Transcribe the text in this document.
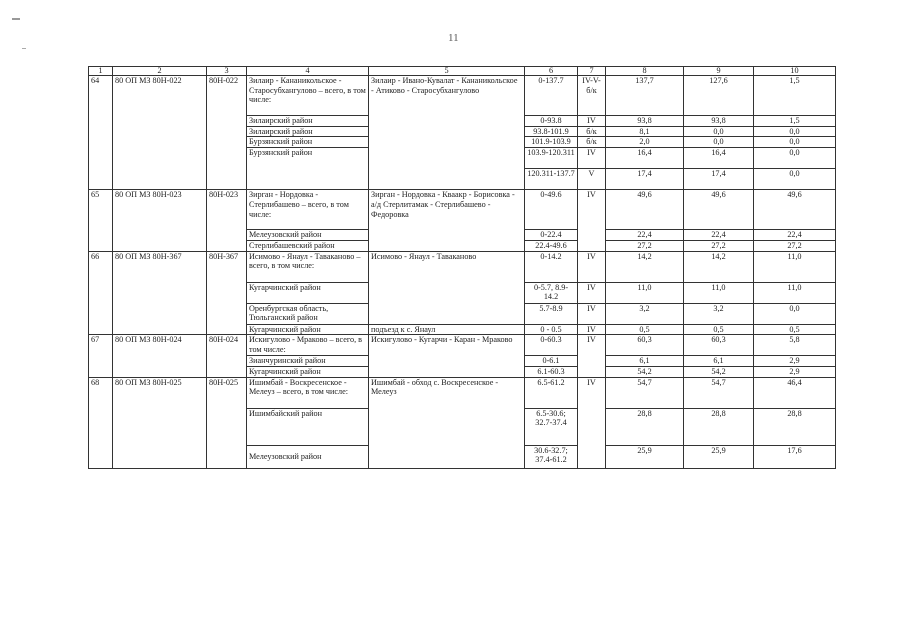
11
1	2	3	4	5	6	7	8	9	10
64	80 ОП МЗ 80Н-022	80Н-022	Зилаир - Кананикольское - Старосубхангулово – всего, в том числе:	Зилаир - Ивано-Кувалат - Кананикольское - Атиково - Старосубхангулово	0-137.7	IV-V-б/к	137,7	127,6	1,5
			Зилаирский район		0-93.8	IV	93,8	93,8	1,5
			Зилаирский район		93.8-101.9	б/к	8,1	0,0	0,0
			Бурзянский район		101.9-103.9	б/к	2,0	0,0	0,0
			Бурзянский район		103.9-120.311	IV	16,4	16,4	0,0
					120.311-137.7	V	17,4	17,4	0,0
65	80 ОП МЗ 80Н-023	80Н-023	Зирган - Нордовка - Стерлибашево – всего, в том числе:	Зирган - Нордовка - Кваакр - Борисовка - а/д Стерлитамак - Стерлибашево - Федоровка	0-49.6	IV	49,6	49,6	49,6
			Мелеузовский район		0-22.4		22,4	22,4	22,4
			Стерлибашевский район		22.4-49.6		27,2	27,2	27,2
66	80 ОП МЗ 80Н-367	80Н-367	Исимово - Янаул - Таваканово – всего, в том числе:	Исимово - Янаул - Таваканово	0-14.2	IV	14,2	14,2	11,0
			Кугарчинский район		0-5.7, 8.9-14.2	IV	11,0	11,0	11,0
			Оренбургская область, Тюльганский район		5.7-8.9	IV	3,2	3,2	0,0
			Кугарчинский район	подъезд к с. Янаул	0 - 0.5	IV	0,5	0,5	0,5
67	80 ОП МЗ 80Н-024	80Н-024	Искигулово - Мраково – всего, в том числе:	Искигулово - Кугарчи - Каран - Мраково	0-60.3	IV	60,3	60,3	5,8
			Зианчуринский район		0-6.1		6,1	6,1	2,9
			Кугарчинский район		6.1-60.3		54,2	54,2	2,9
68	80 ОП МЗ 80Н-025	80Н-025	Ишимбай - Воскресенское - Мелеуз – всего, в том числе:	Ишимбай - обход с. Воскресенское - Мелеуз	6.5-61.2	IV	54,7	54,7	46,4
			Ишимбайский район		6.5-30.6; 32.7-37.4		28,8	28,8	28,8
			Мелеузовский район		30.6-32.7; 37.4-61.2		25,9	25,9	17,6
